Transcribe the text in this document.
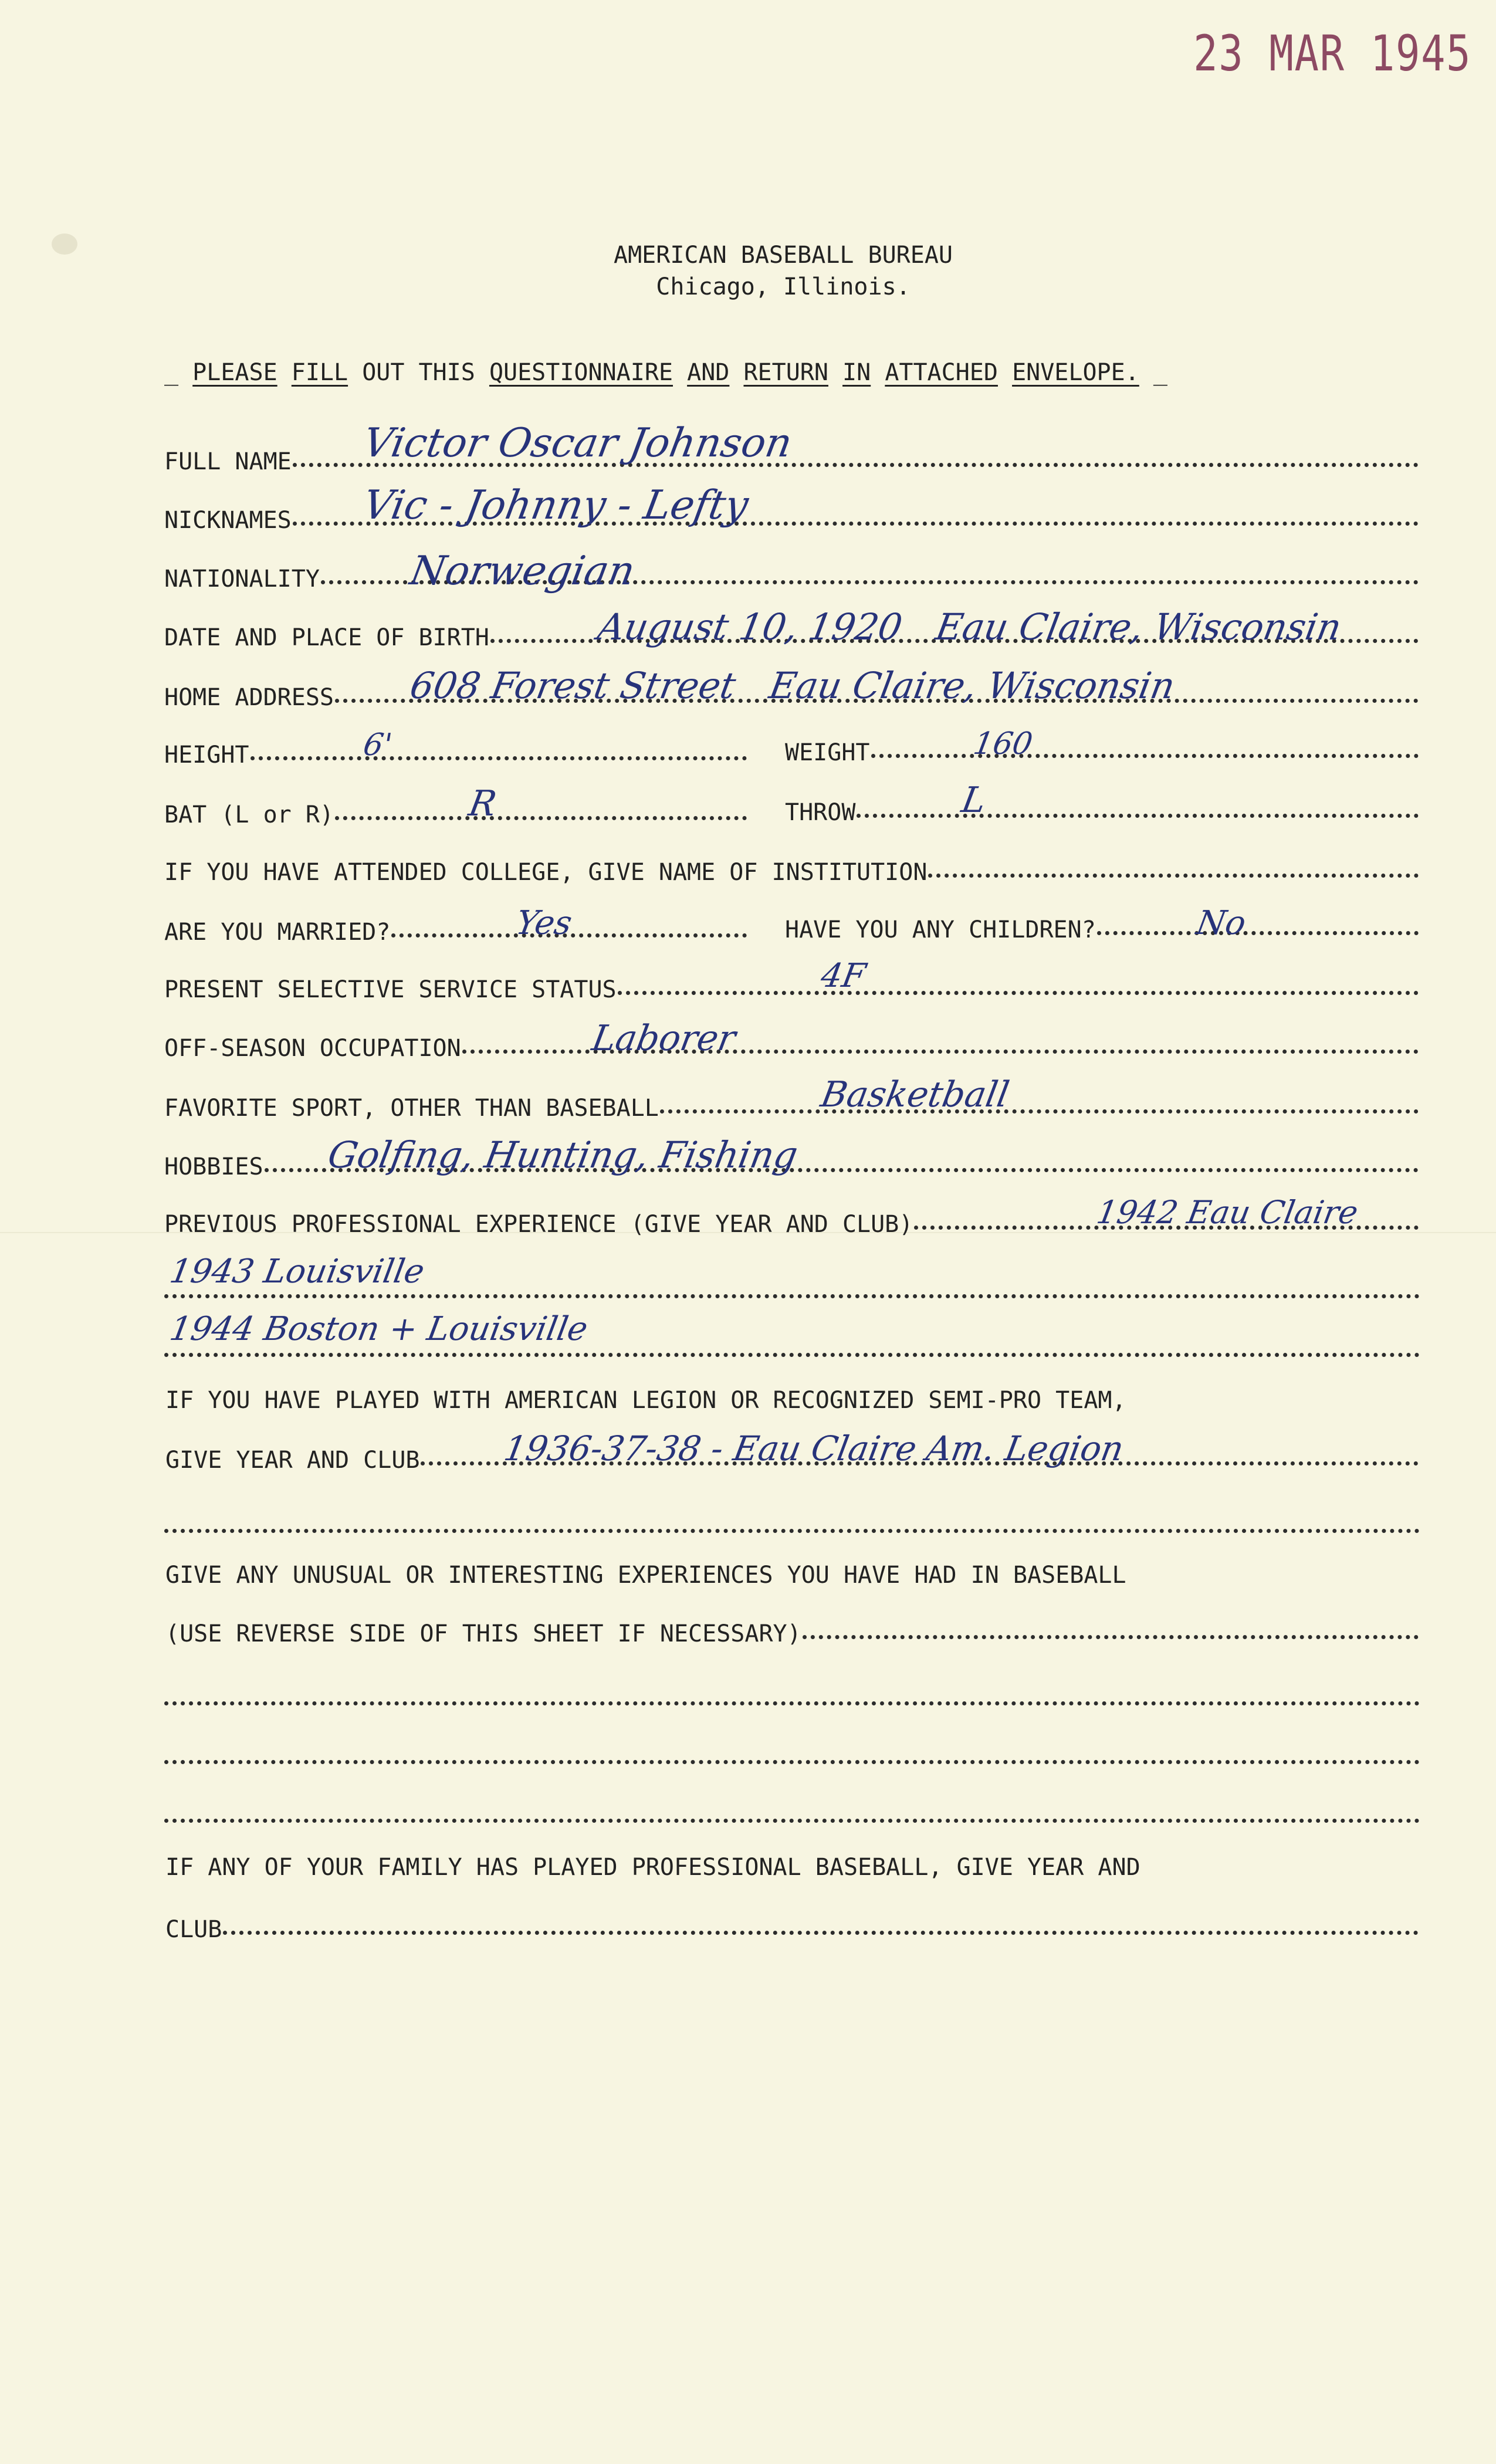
23 MAR 1945
AMERICAN BASEBALL BUREAU
Chicago, Illinois.
_ PLEASE FILL OUT THIS QUESTIONNAIRE AND RETURN IN ATTACHED ENVELOPE. _
FULL NAME Victor Oscar Johnson
NICKNAMES Vic - Johnny - Lefty
NATIONALITY Norwegian
DATE AND PLACE OF BIRTH	August 10, 1920   Eau Claire, Wisconsin
HOME ADDRESS 608 Forest Street   Eau Claire, Wisconsin
HEIGHT	6'	WEIGHT	160
BAT (L or R)	R	THROW	L
IF YOU HAVE ATTENDED COLLEGE, GIVE NAME OF INSTITUTION
ARE YOU MARRIED?	Yes	HAVE YOU ANY CHILDREN?	No
PRESENT SELECTIVE SERVICE STATUS	4F
OFF-SEASON OCCUPATION	Laborer
FAVORITE SPORT, OTHER THAN BASEBALL	Basketball
HOBBIES Golfing, Hunting, Fishing
PREVIOUS PROFESSIONAL EXPERIENCE (GIVE YEAR AND CLUB)	1942 Eau Claire
1943 Louisville
1944 Boston + Louisville
IF YOU HAVE PLAYED WITH AMERICAN LEGION OR RECOGNIZED SEMI-PRO TEAM,
GIVE YEAR AND CLUB 1936-37-38 - Eau Claire Am. Legion
GIVE ANY UNUSUAL OR INTERESTING EXPERIENCES YOU HAVE HAD IN BASEBALL
(USE REVERSE SIDE OF THIS SHEET IF NECESSARY)
IF ANY OF YOUR FAMILY HAS PLAYED PROFESSIONAL BASEBALL, GIVE YEAR AND
CLUB
